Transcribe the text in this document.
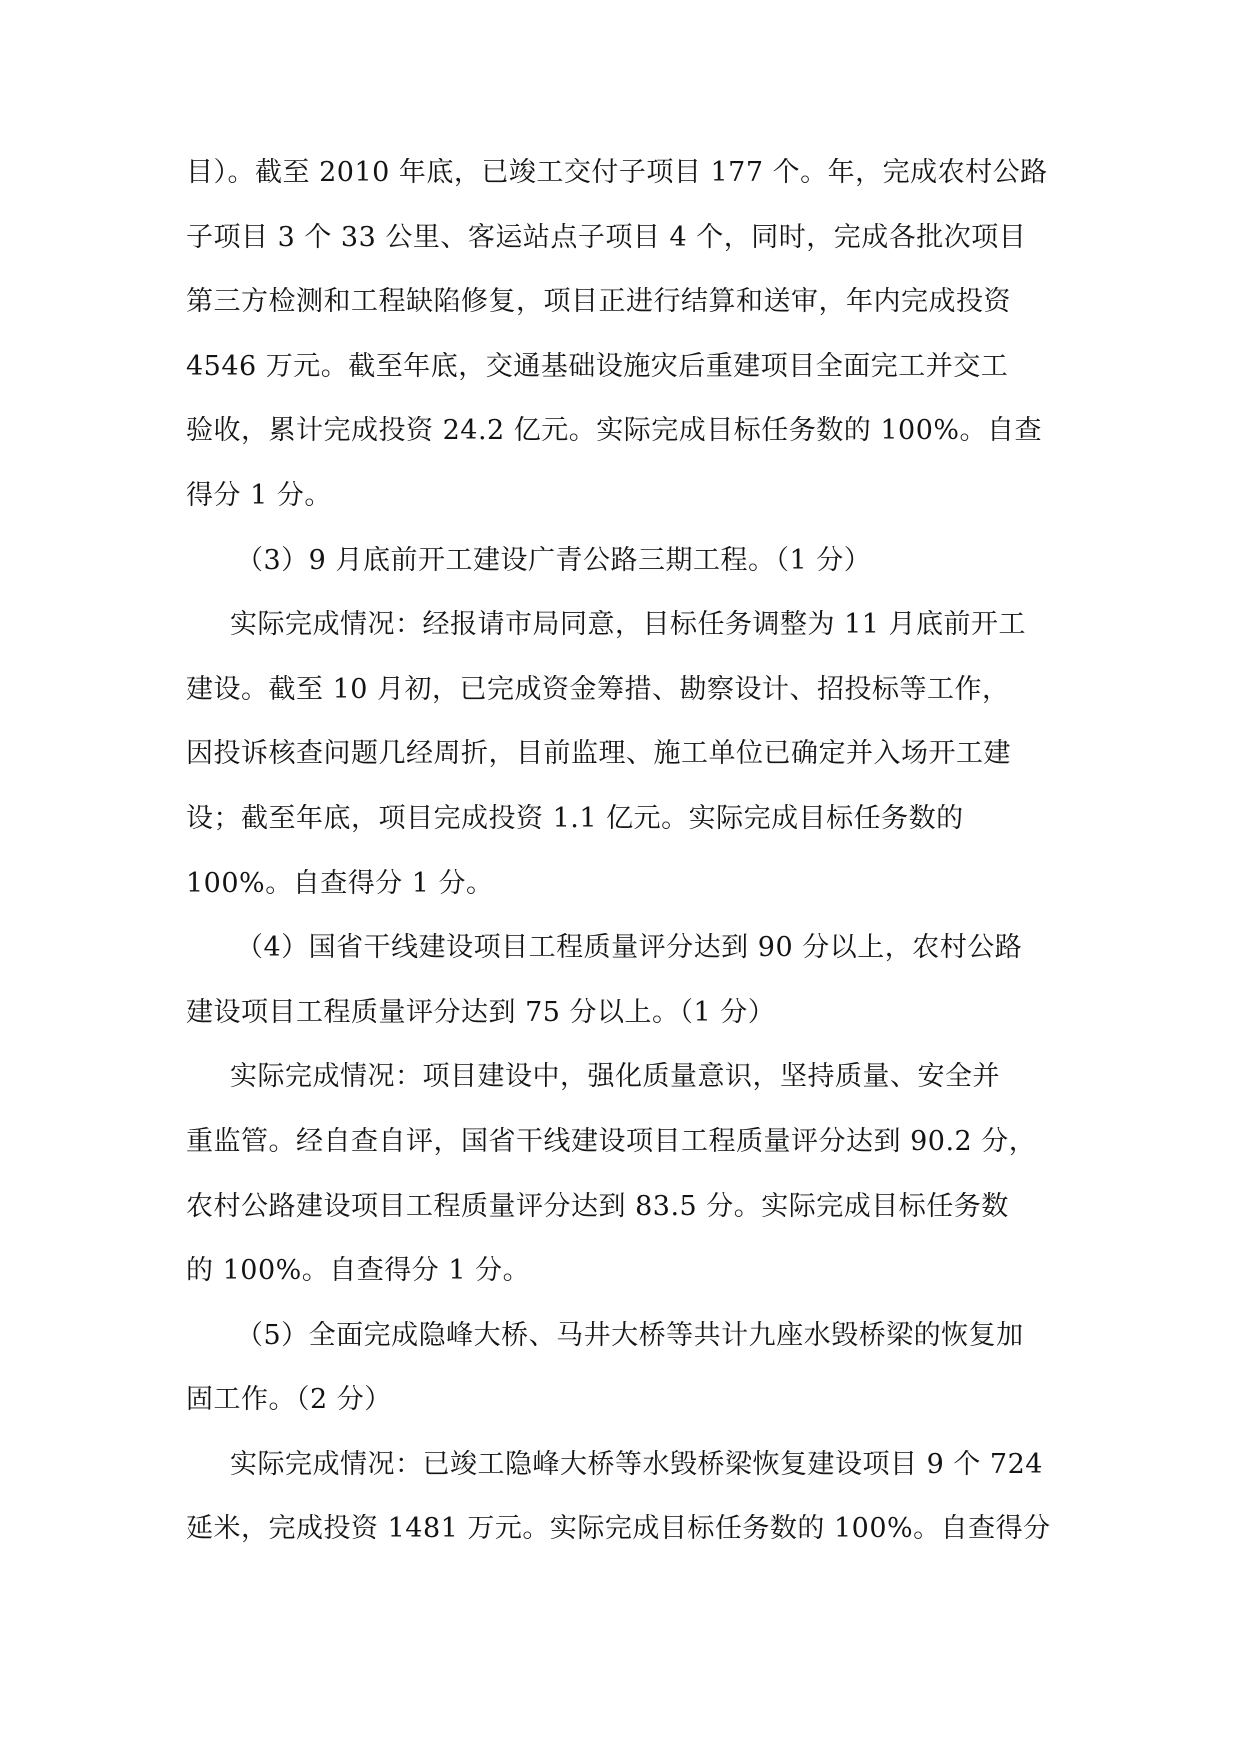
目）。截至 2010 年底，已竣工交付子项目 177 个。年，完成农村公路
子项目 3 个 33 公里、客运站点子项目 4 个，同时，完成各批次项目
第三方检测和工程缺陷修复，项目正进行结算和送审，年内完成投资
4546 万元。截至年底，交通基础设施灾后重建项目全面完工并交工
验收，累计完成投资 24.2 亿元。实际完成目标任务数的 100%。自查
得分 1 分。
（3）9 月底前开工建设广青公路三期工程。（1 分）
实际完成情况：经报请市局同意，目标任务调整为 11 月底前开工
建设。截至 10 月初，已完成资金筹措、勘察设计、招投标等工作，
因投诉核查问题几经周折，目前监理、施工单位已确定并入场开工建
设；截至年底，项目完成投资 1.1 亿元。实际完成目标任务数的
100%。自查得分 1 分。
（4）国省干线建设项目工程质量评分达到 90 分以上，农村公路
建设项目工程质量评分达到 75 分以上。（1 分）
实际完成情况：项目建设中，强化质量意识，坚持质量、安全并
重监管。经自查自评，国省干线建设项目工程质量评分达到 90.2 分，
农村公路建设项目工程质量评分达到 83.5 分。实际完成目标任务数
的 100%。自查得分 1 分。
（5）全面完成隐峰大桥、马井大桥等共计九座水毁桥梁的恢复加
固工作。（2 分）
实际完成情况：已竣工隐峰大桥等水毁桥梁恢复建设项目 9 个 724
延米，完成投资 1481 万元。实际完成目标任务数的 100%。自查得分
